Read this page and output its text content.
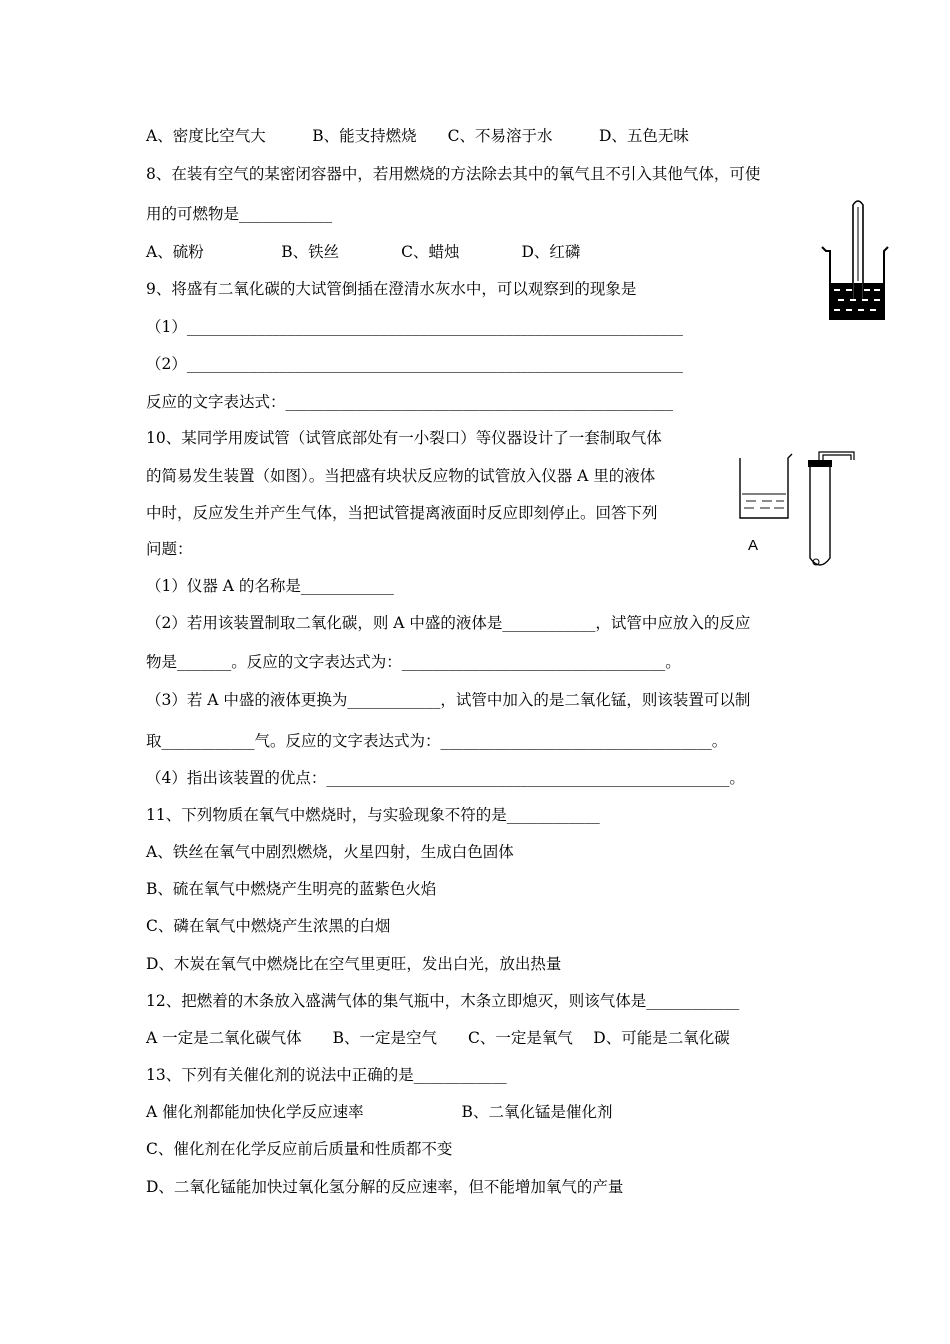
A、密度比空气大　　　B、能支持燃烧　　C、不易溶于水　　　D、五色无味
8、在装有空气的某密闭容器中，若用燃烧的方法除去其中的氧气且不引入其他气体，可使
用的可燃物是____________
A、硫粉　　　　　B、铁丝　　　　C、蜡烛　　　　D、红磷
9、将盛有二氧化碳的大试管倒插在澄清水灰水中，可以观察到的现象是
（1）________________________________________________________________
（2）________________________________________________________________
反应的文字表达式：__________________________________________________
10、某同学用废试管（试管底部处有一小裂口）等仪器设计了一套制取气体
的简易发生装置（如图）。当把盛有块状反应物的试管放入仪器 A 里的液体
中时，反应发生并产生气体，当把试管提离液面时反应即刻停止。回答下列
问题：
（1）仪器 A 的名称是____________
（2）若用该装置制取二氧化碳，则 A 中盛的液体是____________，试管中应放入的反应
物是_______。反应的文字表达式为：__________________________________。
（3）若 A 中盛的液体更换为____________，试管中加入的是二氧化锰，则该装置可以制
取____________气。反应的文字表达式为：___________________________________。
（4）指出该装置的优点：____________________________________________________。
11、下列物质在氧气中燃烧时，与实验现象不符的是____________
A、铁丝在氧气中剧烈燃烧，火星四射，生成白色固体
B、硫在氧气中燃烧产生明亮的蓝紫色火焰
C、磷在氧气中燃烧产生浓黑的白烟
D、木炭在氧气中燃烧比在空气里更旺，发出白光，放出热量
12、把燃着的木条放入盛满气体的集气瓶中，木条立即熄灭，则该气体是____________
A 一定是二氧化碳气体　　B、一定是空气　　C、一定是氧气　 D、可能是二氧化碳
13、下列有关催化剂的说法中正确的是____________
A 催化剂都能加快化学反应速率　　　　　　 B、二氧化锰是催化剂
C、催化剂在化学反应前后质量和性质都不变
D、二氧化锰能加快过氧化氢分解的反应速率，但不能增加氧气的产量
A
